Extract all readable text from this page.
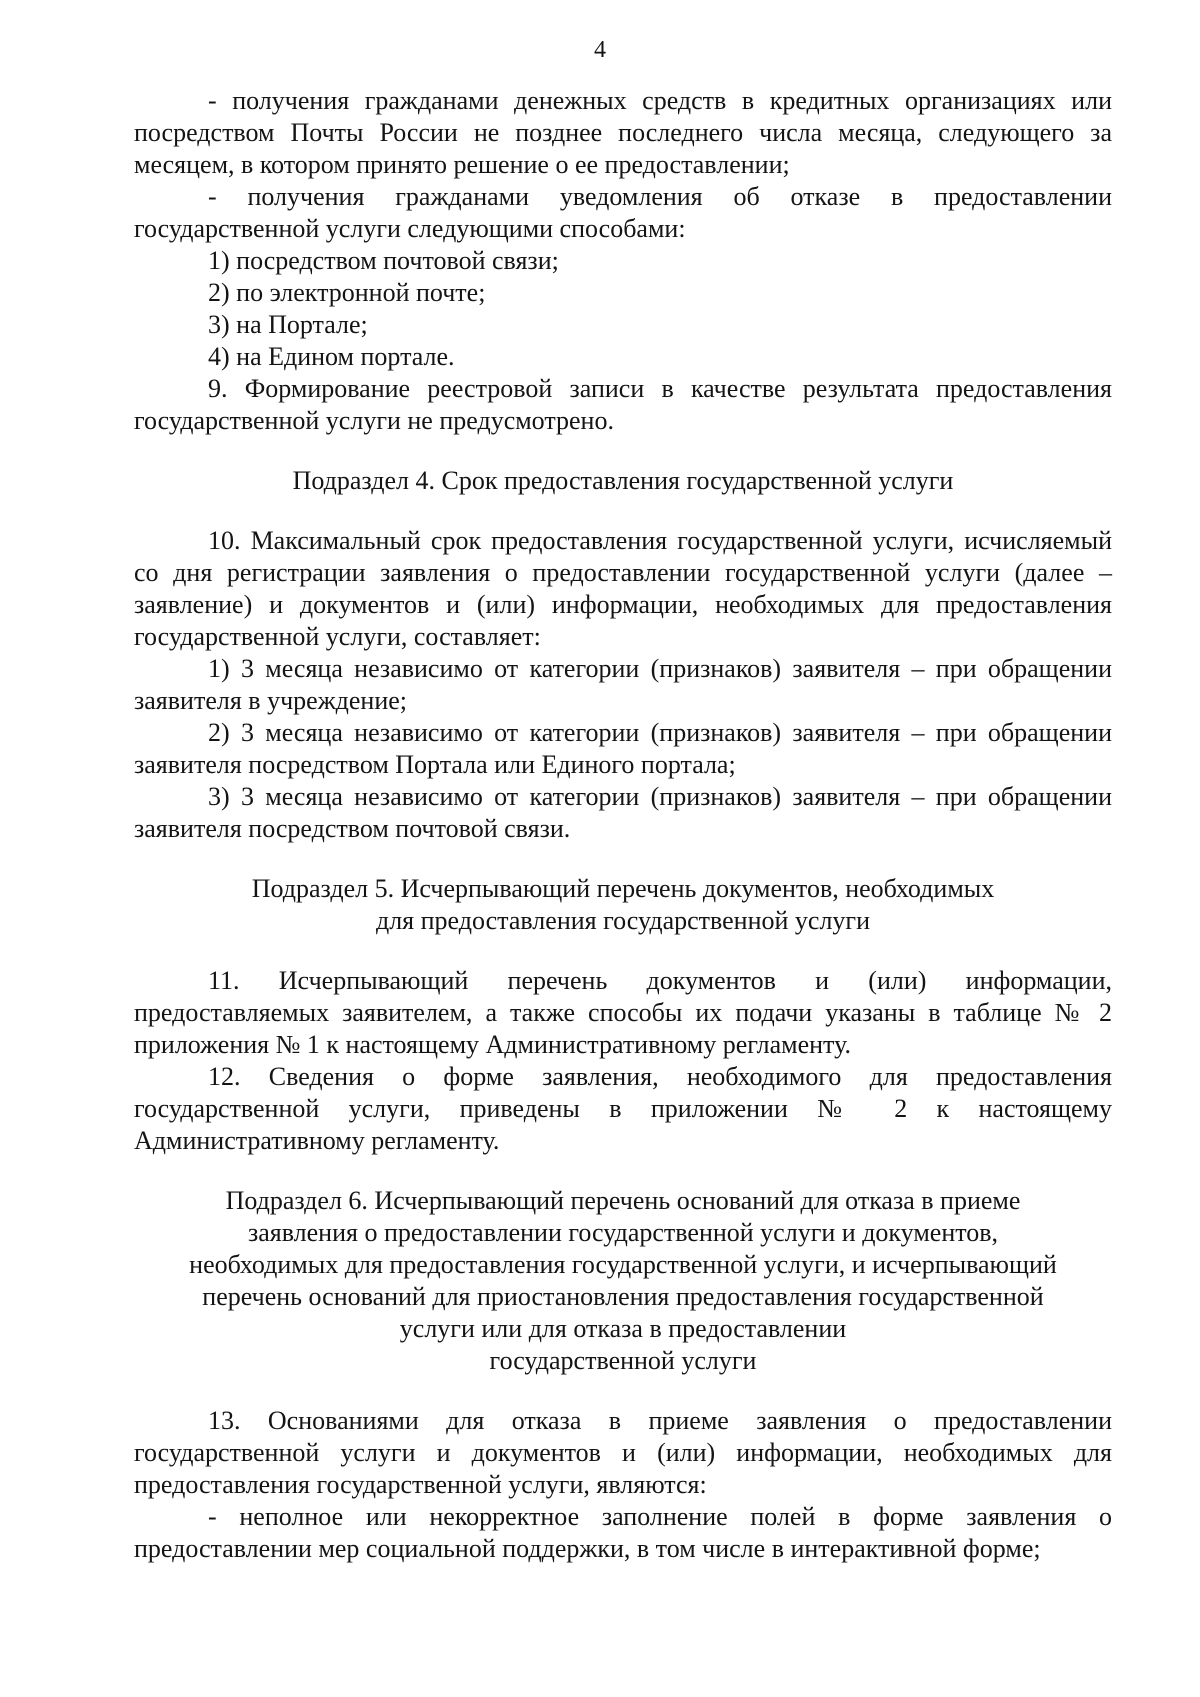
4

- получения гражданами денежных средств в кредитных организациях или посредством Почты России не позднее последнего числа месяца, следующего за месяцем, в котором принято решение о ее предоставлении;

- получения гражданами уведомления об отказе в предоставлении государственной услуги следующими способами:

1) посредством почтовой связи;

2) по электронной почте;

3) на Портале;

4) на Едином портале.

9. Формирование реестровой записи в качестве результата предоставления государственной услуги не предусмотрено.

Подраздел 4. Срок предоставления государственной услуги

10. Максимальный срок предоставления государственной услуги, исчисляемый со дня регистрации заявления о предоставлении государственной услуги (далее – заявление) и документов и (или) информации, необходимых для предоставления государственной услуги, составляет:

1) 3 месяца независимо от категории (признаков) заявителя – при обращении заявителя в учреждение;

2) 3 месяца независимо от категории (признаков) заявителя – при обращении заявителя посредством Портала или Единого портала;

3) 3 месяца независимо от категории (признаков) заявителя – при обращении заявителя посредством почтовой связи.

Подраздел 5. Исчерпывающий перечень документов, необходимых

для предоставления государственной услуги

11. Исчерпывающий перечень документов и (или) информации, предоставляемых заявителем, а также способы их подачи указаны в таблице № 2 приложения № 1 к настоящему Административному регламенту.

12. Сведения о форме заявления, необходимого для предоставления государственной услуги, приведены в приложении № 2 к настоящему Административному регламенту.

Подраздел 6. Исчерпывающий перечень оснований для отказа в приеме

заявления о предоставлении государственной услуги и документов,

необходимых для предоставления государственной услуги, и исчерпывающий

перечень оснований для приостановления предоставления государственной

услуги или для отказа в предоставлении

государственной услуги

13. Основаниями для отказа в приеме заявления о предоставлении государственной услуги и документов и (или) информации, необходимых для предоставления государственной услуги, являются:

- неполное или некорректное заполнение полей в форме заявления о предоставлении мер социальной поддержки, в том числе в интерактивной форме;
